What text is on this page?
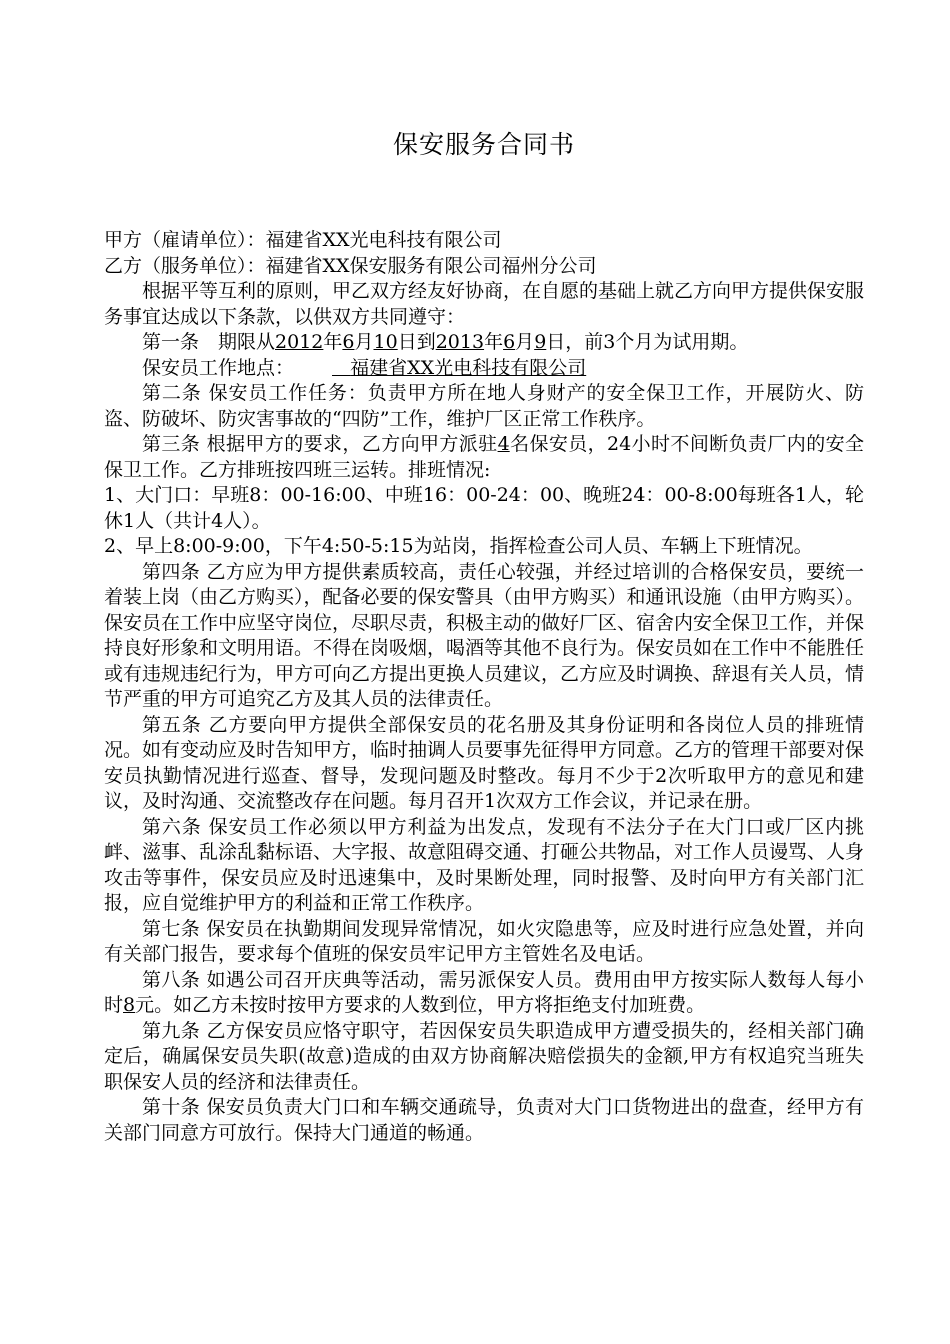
保安服务合同书

甲方（雇请单位）：福建省XX光电科技有限公司

乙方（服务单位）：福建省XX保安服务有限公司福州分公司

根据平等互利的原则，甲乙双方经友好协商，在自愿的基础上就乙方向甲方提供保安服务事宜达成以下条款，以供双方共同遵守：

第一条　期限从2012年6月10日到2013年6月9日，前3个月为试用期。

保安员工作地点：	福建省XX光电科技有限公司

第二条 保安员工作任务：负责甲方所在地人身财产的安全保卫工作，开展防火、防盗、防破坏、防灾害事故的“四防”工作，维护厂区正常工作秩序。

第三条 根据甲方的要求，乙方向甲方派驻4名保安员，24小时不间断负责厂内的安全保卫工作。乙方排班按四班三运转。排班情况:

1、大门口：早班8：00-16:00、中班16：00-24：00、晚班24：00-8:00每班各1人，轮休1人（共计4人）。

2、早上8:00-9:00，下午4:50-5:15为站岗，指挥检查公司人员、车辆上下班情况。

第四条 乙方应为甲方提供素质较高，责任心较强，并经过培训的合格保安员，要统一着装上岗（由乙方购买），配备必要的保安警具（由甲方购买）和通讯设施（由甲方购买）。保安员在工作中应坚守岗位，尽职尽责，积极主动的做好厂区、宿舍内安全保卫工作，并保持良好形象和文明用语。不得在岗吸烟，喝酒等其他不良行为。保安员如在工作中不能胜任或有违规违纪行为，甲方可向乙方提出更换人员建议，乙方应及时调换、辞退有关人员，情节严重的甲方可追究乙方及其人员的法律责任。

第五条 乙方要向甲方提供全部保安员的花名册及其身份证明和各岗位人员的排班情况。如有变动应及时告知甲方，临时抽调人员要事先征得甲方同意。乙方的管理干部要对保安员执勤情况进行巡查、督导，发现问题及时整改。每月不少于2次听取甲方的意见和建议，及时沟通、交流整改存在问题。每月召开1次双方工作会议，并记录在册。

第六条 保安员工作必须以甲方利益为出发点，发现有不法分子在大门口或厂区内挑衅、滋事、乱涂乱黏标语、大字报、故意阻碍交通、打砸公共物品，对工作人员谩骂、人身攻击等事件，保安员应及时迅速集中，及时果断处理，同时报警、及时向甲方有关部门汇报，应自觉维护甲方的利益和正常工作秩序。

第七条 保安员在执勤期间发现异常情况，如火灾隐患等，应及时进行应急处置，并向有关部门报告，要求每个值班的保安员牢记甲方主管姓名及电话。

第八条 如遇公司召开庆典等活动，需另派保安人员。费用由甲方按实际人数每人每小时8元。如乙方未按时按甲方要求的人数到位，甲方将拒绝支付加班费。

第九条 乙方保安员应恪守职守，若因保安员失职造成甲方遭受损失的，经相关部门确定后，确属保安员失职(故意)造成的由双方协商解决赔偿损失的金额,甲方有权追究当班失职保安人员的经济和法律责任。

第十条 保安员负责大门口和车辆交通疏导，负责对大门口货物进出的盘查，经甲方有关部门同意方可放行。保持大门通道的畅通。
